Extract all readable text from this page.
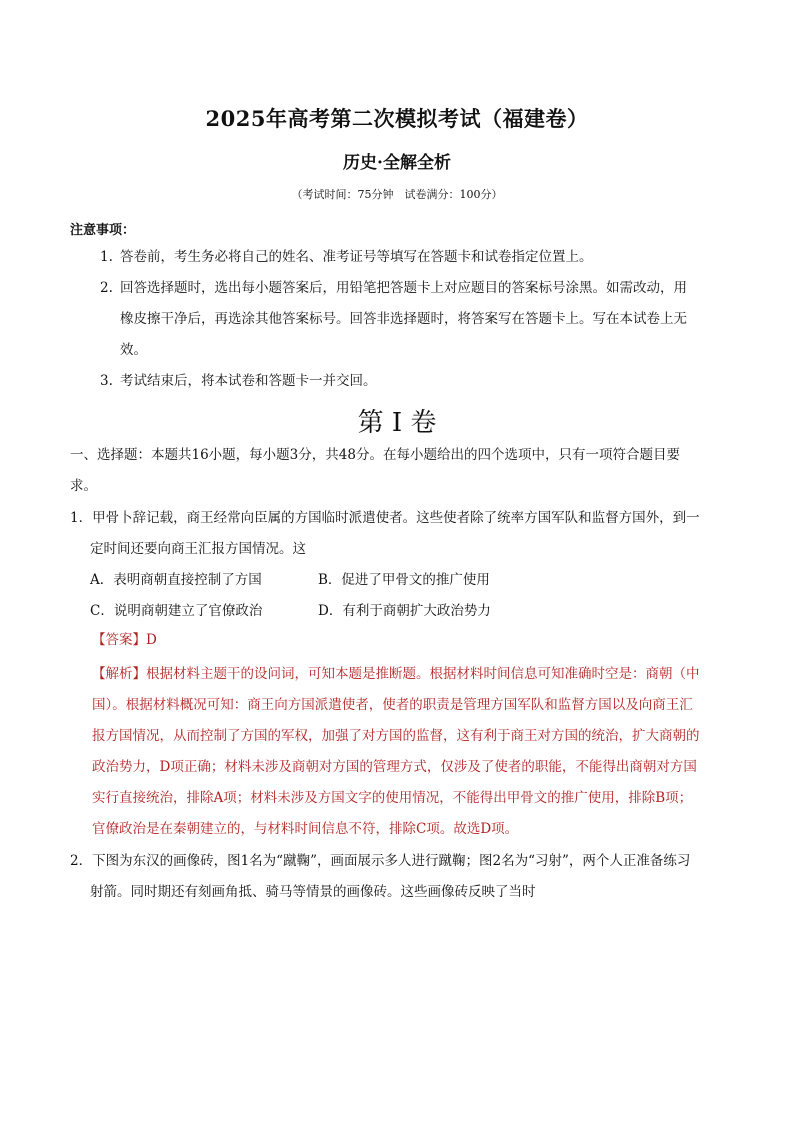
2025年高考第二次模拟考试（福建卷）
历史·全解全析
（考试时间：75分钟　试卷满分：100分）
注意事项：
1. 答卷前，考生务必将自己的姓名、准考证号等填写在答题卡和试卷指定位置上。
2. 回答选择题时，选出每小题答案后，用铅笔把答题卡上对应题目的答案标号涂黑。如需改动，用
橡皮擦干净后，再选涂其他答案标号。回答非选择题时，将答案写在答题卡上。写在本试卷上无
效。
3. 考试结束后，将本试卷和答题卡一并交回。
第 I 卷
一、选择题：本题共16小题，每小题3分，共48分。在每小题给出的四个选项中，只有一项符合题目要
求。
1．甲骨卜辞记载，商王经常向臣属的方国临时派遣使者。这些使者除了统率方国军队和监督方国外，到一
定时间还要向商王汇报方国情况。这
A．表明商朝直接控制了方国	B．促进了甲骨文的推广使用
C．说明商朝建立了官僚政治	D．有利于商朝扩大政治势力
【答案】D
【解析】根据材料主题干的设问词，可知本题是推断题。根据材料时间信息可知准确时空是：商朝（中
国）。根据材料概况可知：商王向方国派遣使者，使者的职责是管理方国军队和监督方国以及向商王汇
报方国情况，从而控制了方国的军权，加强了对方国的监督，这有利于商王对方国的统治，扩大商朝的
政治势力，D项正确；材料未涉及商朝对方国的管理方式，仅涉及了使者的职能，不能得出商朝对方国
实行直接统治，排除A项；材料未涉及方国文字的使用情况，不能得出甲骨文的推广使用，排除B项；
官僚政治是在秦朝建立的，与材料时间信息不符，排除C项。故选D项。
2．下图为东汉的画像砖，图1名为“蹴鞠”，画面展示多人进行蹴鞠；图2名为“习射”，两个人正准备练习
射箭。同时期还有刻画角抵、骑马等情景的画像砖。这些画像砖反映了当时
